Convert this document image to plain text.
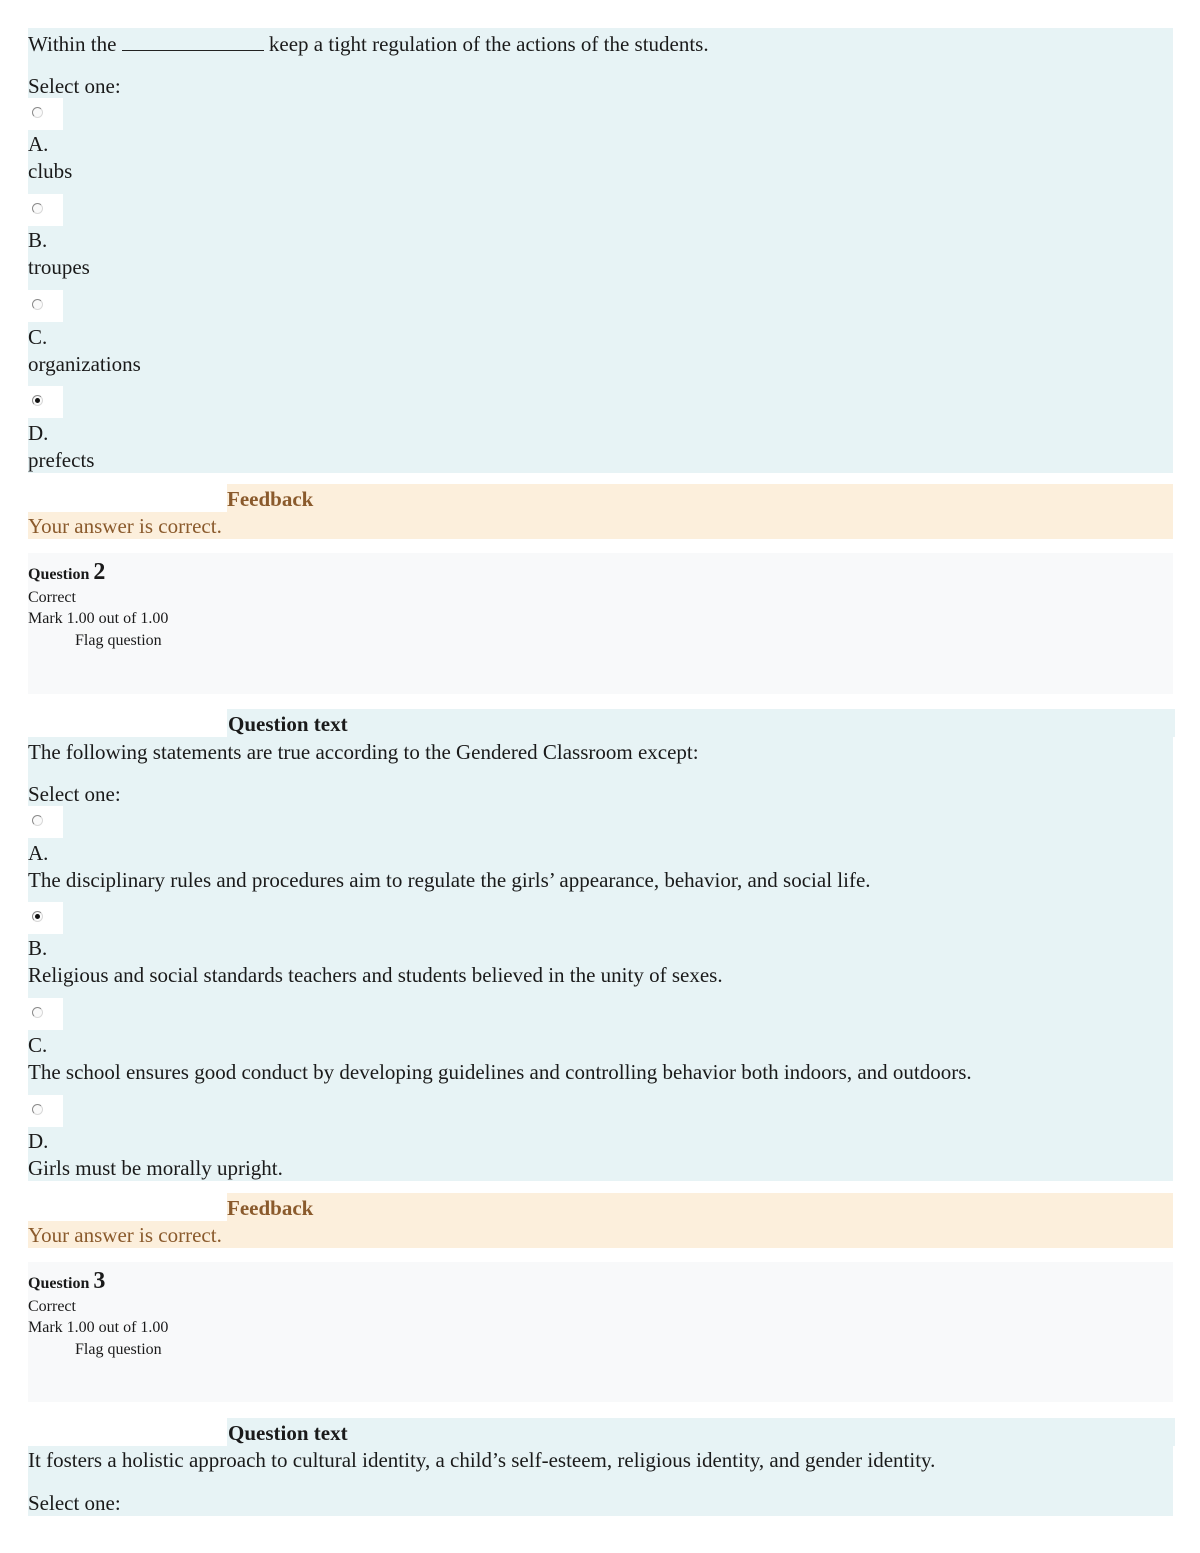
Within the	keep a tight regulation of the actions of the students.
Select one:
A.
clubs
B.
troupes
C.
organizations
D.
prefects
Feedback
Your answer is correct.
Question 2
Correct
Mark 1.00 out of 1.00
Flag question
Question text
The following statements are true according to the Gendered Classroom except:
Select one:
A.
The disciplinary rules and procedures aim to regulate the girls’ appearance, behavior, and social life.
B.
Religious and social standards teachers and students believed in the unity of sexes.
C.
The school ensures good conduct by developing guidelines and controlling behavior both indoors, and outdoors.
D.
Girls must be morally upright.
Feedback
Your answer is correct.
Question 3
Correct
Mark 1.00 out of 1.00
Flag question
Question text
It fosters a holistic approach to cultural identity, a child’s self-esteem, religious identity, and gender identity.
Select one:
